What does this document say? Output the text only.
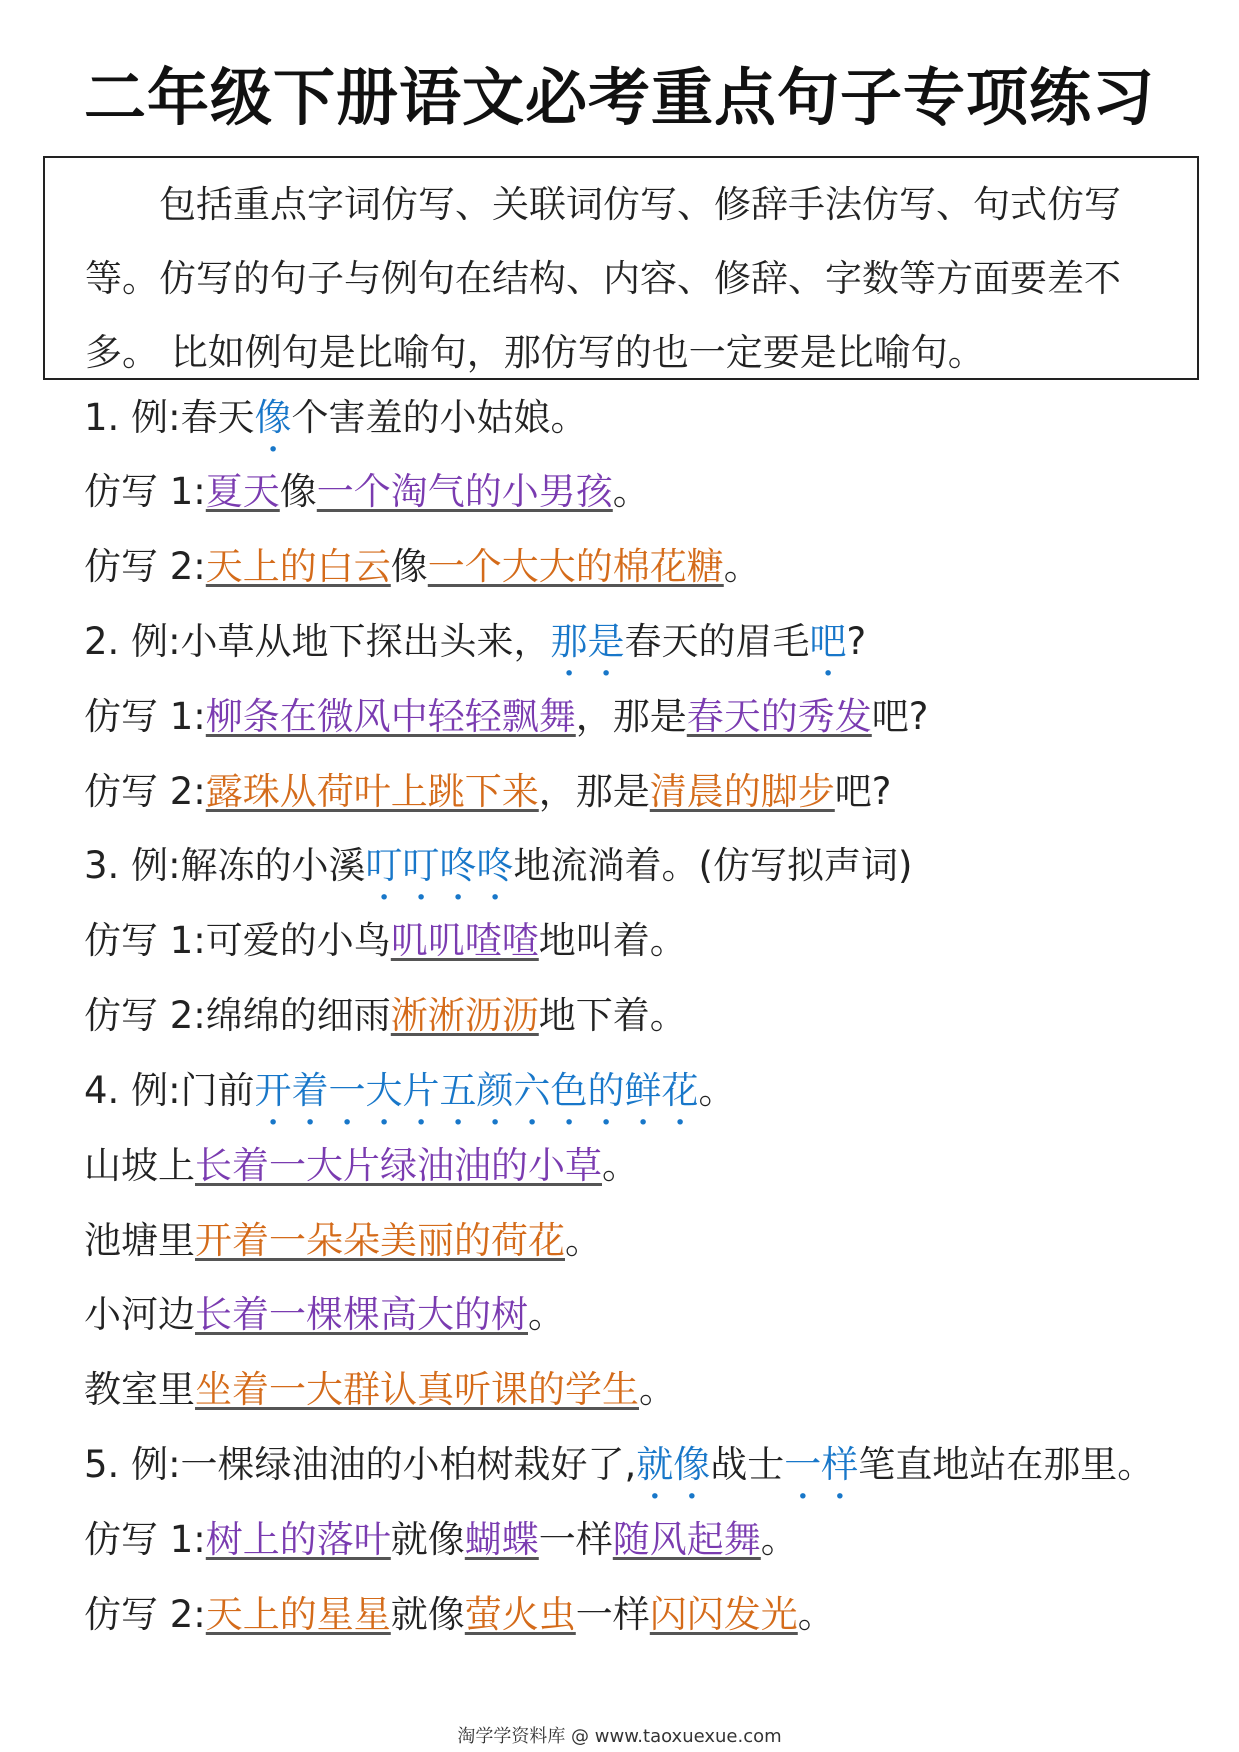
二年级下册语文必考重点句子专项练习

包括重点字词仿写、关联词仿写、修辞手法仿写、句式仿写

等。仿写的句子与例句在结构、内容、修辞、字数等方面要差不
多。 比如例句是比喻句，那仿写的也一定要是比喻句。
1. 例:春天像个害羞的小姑娘。
仿写 1:夏天像一个淘气的小男孩。
仿写 2:天上的白云像一个大大的棉花糖。
2. 例:小草从地下探出头来，那是春天的眉毛吧?
仿写 1:柳条在微风中轻轻飘舞，那是春天的秀发吧?
仿写 2:露珠从荷叶上跳下来，那是清晨的脚步吧?
3. 例:解冻的小溪叮叮咚咚地流淌着。(仿写拟声词)
仿写 1:可爱的小鸟叽叽喳喳地叫着。
仿写 2:绵绵的细雨淅淅沥沥地下着。
4. 例:门前开着一大片五颜六色的鲜花。
山坡上长着一大片绿油油的小草。
池塘里开着一朵朵美丽的荷花。
小河边长着一棵棵高大的树。
教室里坐着一大群认真听课的学生。
5. 例:一棵绿油油的小柏树栽好了,就像战士一样笔直地站在那里。
仿写 1:树上的落叶就像蝴蝶一样随风起舞。
仿写 2:天上的星星就像萤火虫一样闪闪发光。
淘学学资料库 @ www.taoxuexue.com
